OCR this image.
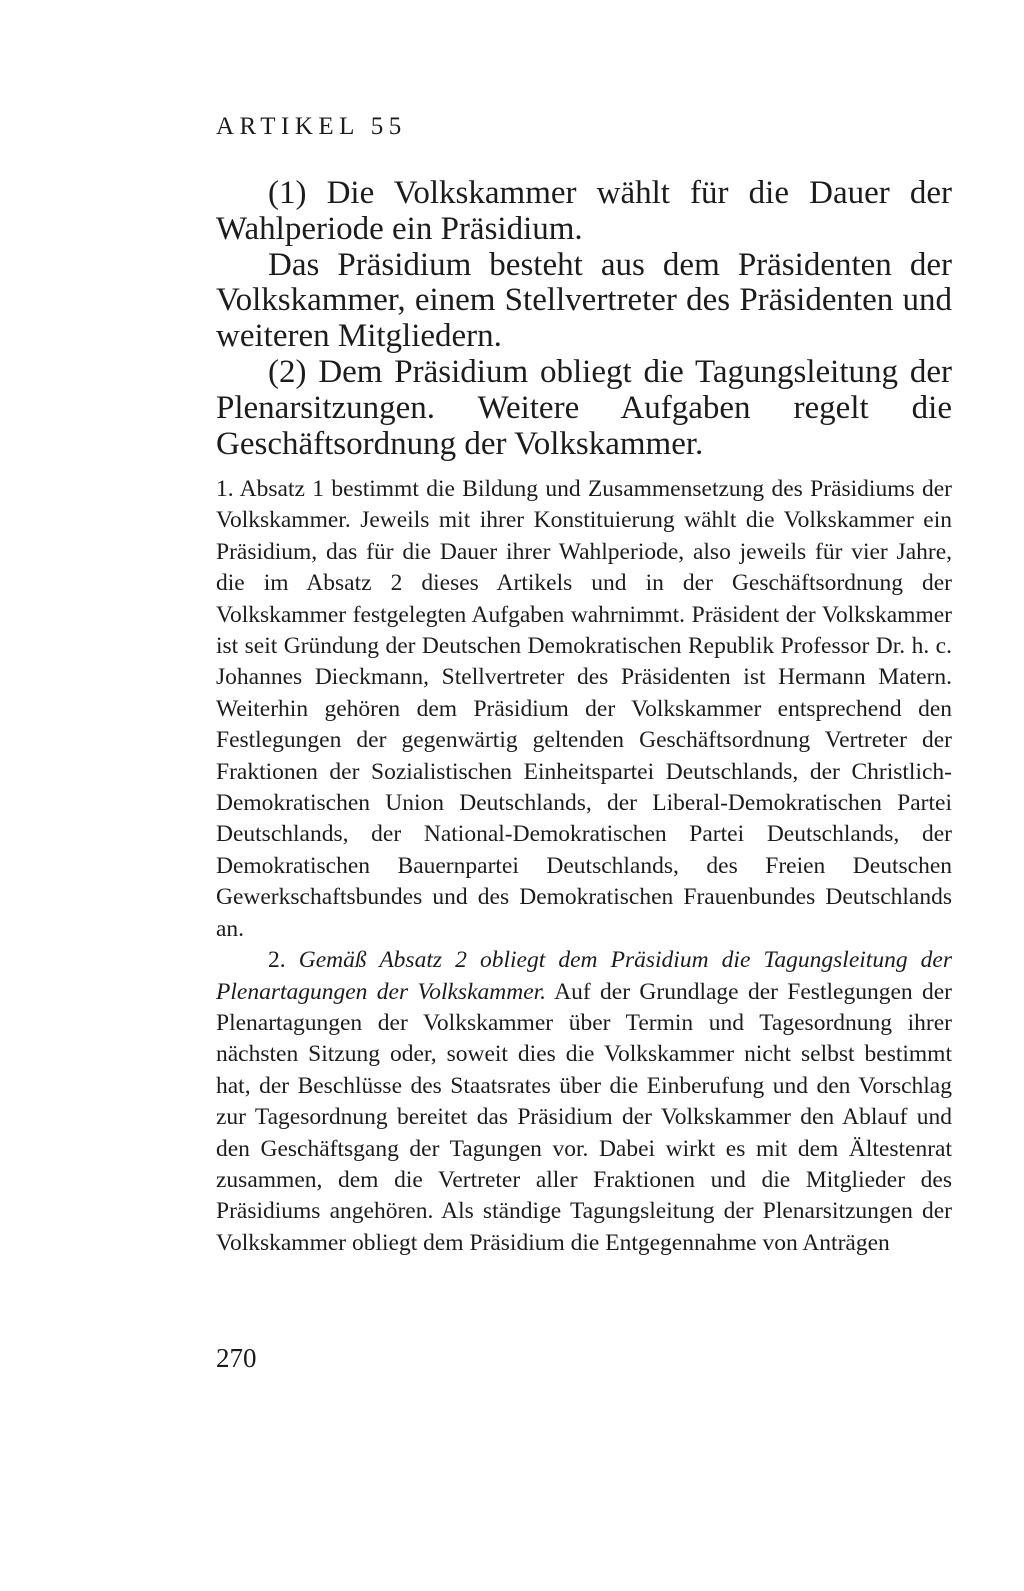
ARTIKEL 55

(1) Die Volkskammer wählt für die Dauer der Wahlperiode ein Präsidium.

Das Präsidium besteht aus dem Präsidenten der Volkskammer, einem Stellvertreter des Präsidenten und weiteren Mitgliedern.

(2) Dem Präsidium obliegt die Tagungsleitung der Plenarsitzungen. Weitere Aufgaben regelt die Geschäftsordnung der Volkskammer.

1. Absatz 1 bestimmt die Bildung und Zusammensetzung des Präsidiums der Volkskammer. Jeweils mit ihrer Konstituierung wählt die Volkskammer ein Präsidium, das für die Dauer ihrer Wahlperiode, also jeweils für vier Jahre, die im Absatz 2 dieses Artikels und in der Geschäftsordnung der Volkskammer festgelegten Aufgaben wahrnimmt. Präsident der Volkskammer ist seit Gründung der Deutschen Demokratischen Republik Professor Dr. h. c. Johannes Dieckmann, Stellvertreter des Präsidenten ist Hermann Matern. Weiterhin gehören dem Präsidium der Volkskammer entsprechend den Festlegungen der gegenwärtig geltenden Geschäftsordnung Vertreter der Fraktionen der Sozialistischen Einheitspartei Deutschlands, der Christlich-Demokratischen Union Deutschlands, der Liberal-Demokratischen Partei Deutschlands, der National-Demokratischen Partei Deutschlands, der Demokratischen Bauernpartei Deutschlands, des Freien Deutschen Gewerkschaftsbundes und des Demokratischen Frauenbundes Deutschlands an.

2. Gemäß Absatz 2 obliegt dem Präsidium die Tagungsleitung der Plenartagungen der Volkskammer. Auf der Grundlage der Festlegungen der Plenartagungen der Volkskammer über Termin und Tagesordnung ihrer nächsten Sitzung oder, soweit dies die Volkskammer nicht selbst bestimmt hat, der Beschlüsse des Staatsrates über die Einberufung und den Vorschlag zur Tagesordnung bereitet das Präsidium der Volkskammer den Ablauf und den Geschäftsgang der Tagungen vor. Dabei wirkt es mit dem Ältestenrat zusammen, dem die Vertreter aller Fraktionen und die Mitglieder des Präsidiums angehören. Als ständige Tagungsleitung der Plenarsitzungen der Volkskammer obliegt dem Präsidium die Entgegennahme von Anträgen

270
